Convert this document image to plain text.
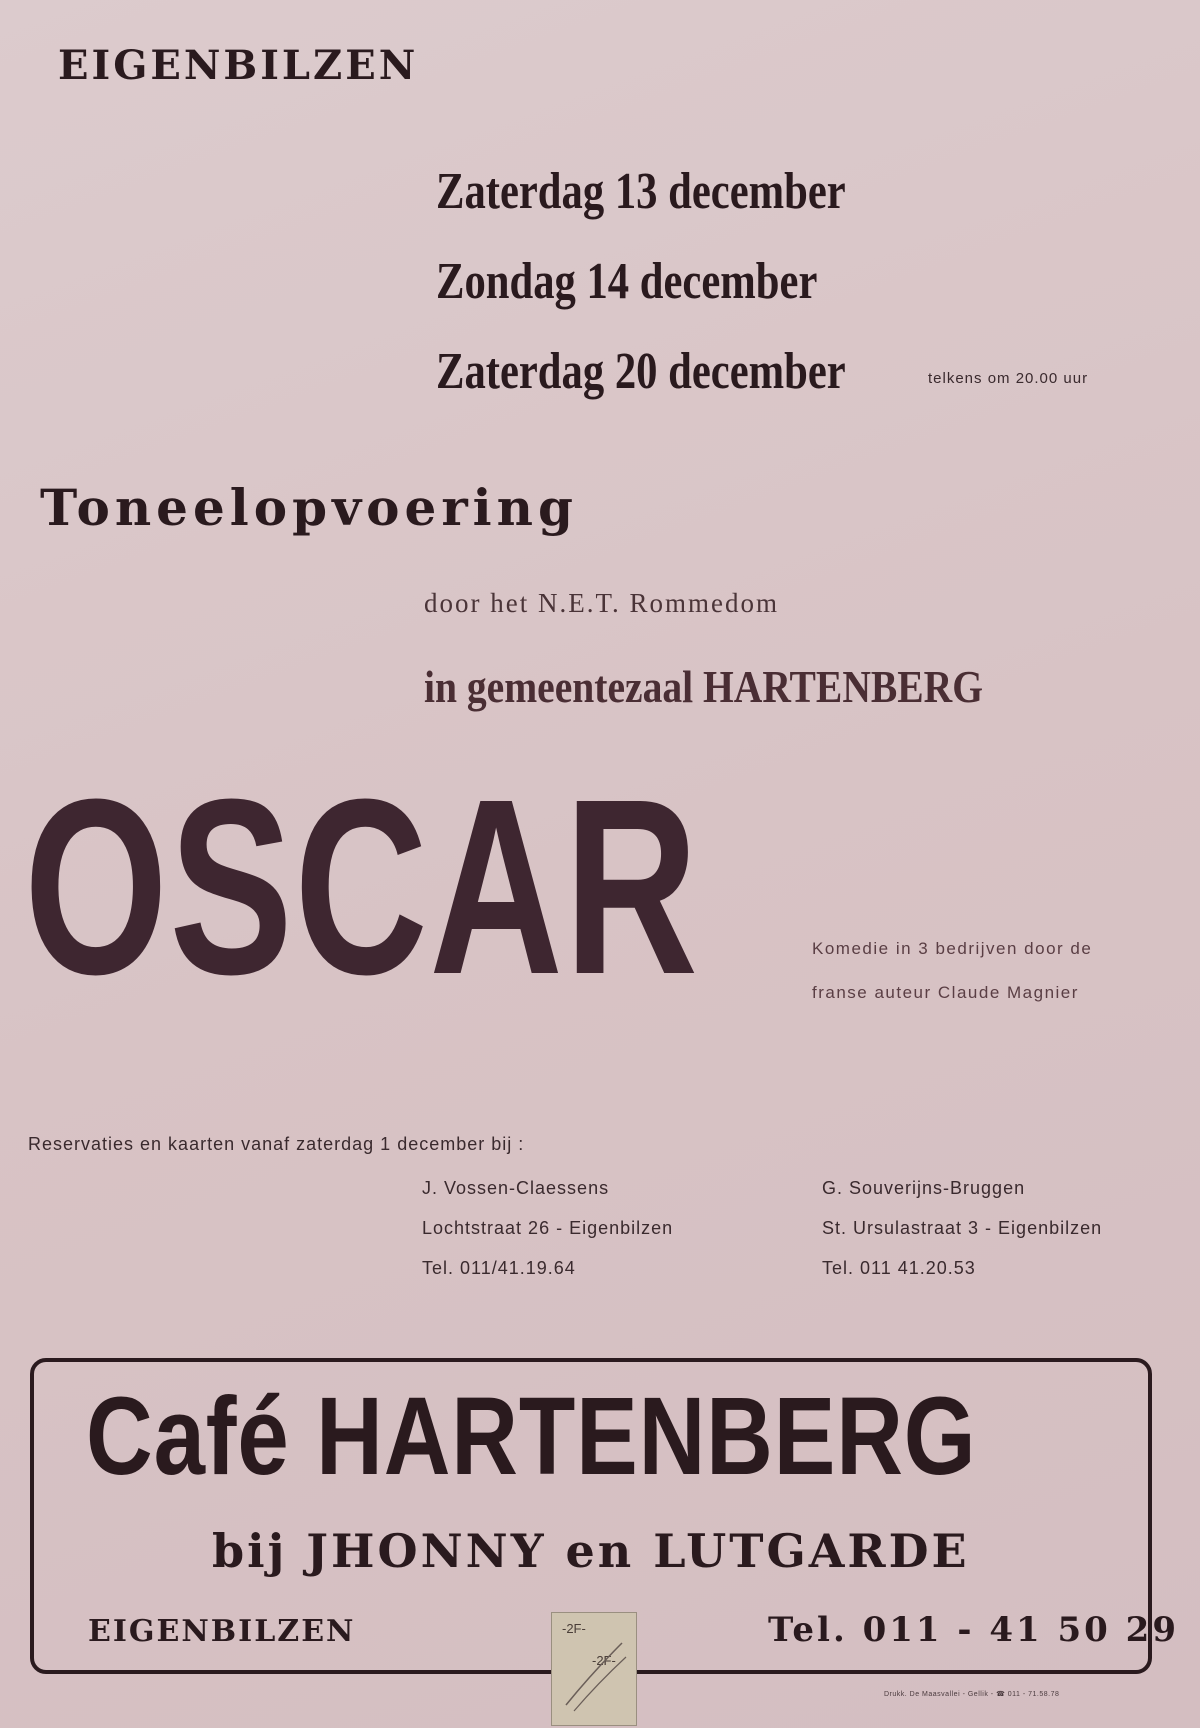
EIGENBILZEN
Zaterdag 13 december
Zondag 14 december
Zaterdag 20 december	telkens om 20.00 uur
Toneelopvoering
door het N.E.T. Rommedom
in gemeentezaal HARTENBERG
OSCAR	Komedie in 3 bedrijven door de
franse auteur Claude Magnier
Reservaties en kaarten vanaf zaterdag 1 december bij :
J. Vossen-Claessens
Lochtstraat 26 - Eigenbilzen
Tel. 011/41.19.64
G. Souverijns-Bruggen
St. Ursulastraat 3 - Eigenbilzen
Tel. 011 41.20.53
Café HARTENBERG
bij JHONNY en LUTGARDE
EIGENBILZEN	Tel. 011 - 41 50 29
-2F-
-2F-
Drukk. De Maasvallei - Gellik - ☎ 011 - 71.58.78
